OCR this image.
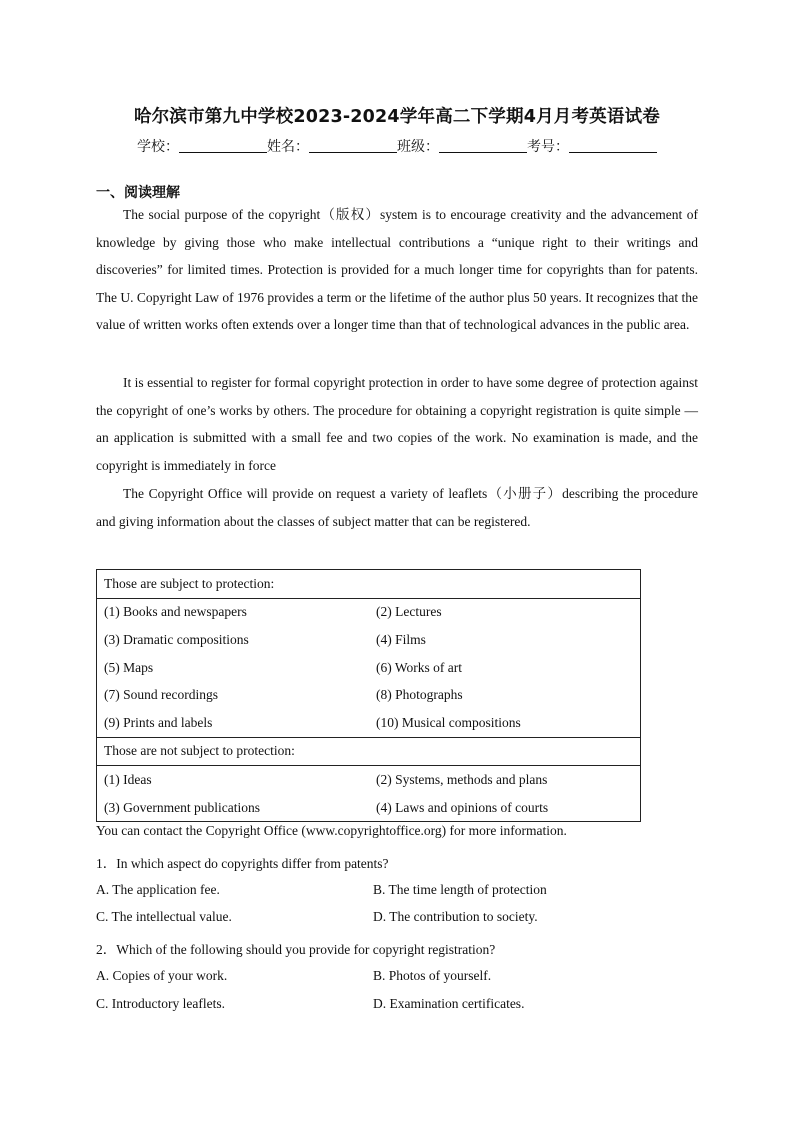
哈尔滨市第九中学校2023-2024学年高二下学期4月月考英语试卷
学校：	姓名：	班级：	考号：
一、阅读理解

The social purpose of the copyright（版权）system is to encourage creativity and the advancement of knowledge by giving those who make intellectual contributions a “unique right to their writings and discoveries” for limited times. Protection is provided for a much longer time for copyrights than for patents. The U. Copyright Law of 1976 provides a term or the lifetime of the author plus 50 years. It recognizes that the value of written works often extends over a longer time than that of technological advances in the public area.

It is essential to register for formal copyright protection in order to have some degree of protection against the copyright of one’s works by others. The procedure for obtaining a copyright registration is quite simple —an application is submitted with a small fee and two copies of the work. No examination is made, and the copyright is immediately in force

The Copyright Office will provide on request a variety of leaflets（小册子）describing the procedure and giving information about the classes of subject matter that can be registered.

Those are subject to protection:	
(1) Books and newspapers	(2) Lectures
(3) Dramatic compositions	(4) Films
(5) Maps	(6) Works of art
(7) Sound recordings	(8) Photographs
(9) Prints and labels	(10) Musical compositions
Those are not subject to protection:	
(1) Ideas	(2) Systems, methods and plans
(3) Government publications	(4) Laws and opinions of courts
You can contact the Copyright Office (www.copyrightoffice.org) for more information.
1．In which aspect do copyrights differ from patents?
A. The application fee.	B. The time length of protection
C. The intellectual value.	D. The contribution to society.
2．Which of the following should you provide for copyright registration?
A. Copies of your work.	B. Photos of yourself.
C. Introductory leaflets.	D. Examination certificates.
